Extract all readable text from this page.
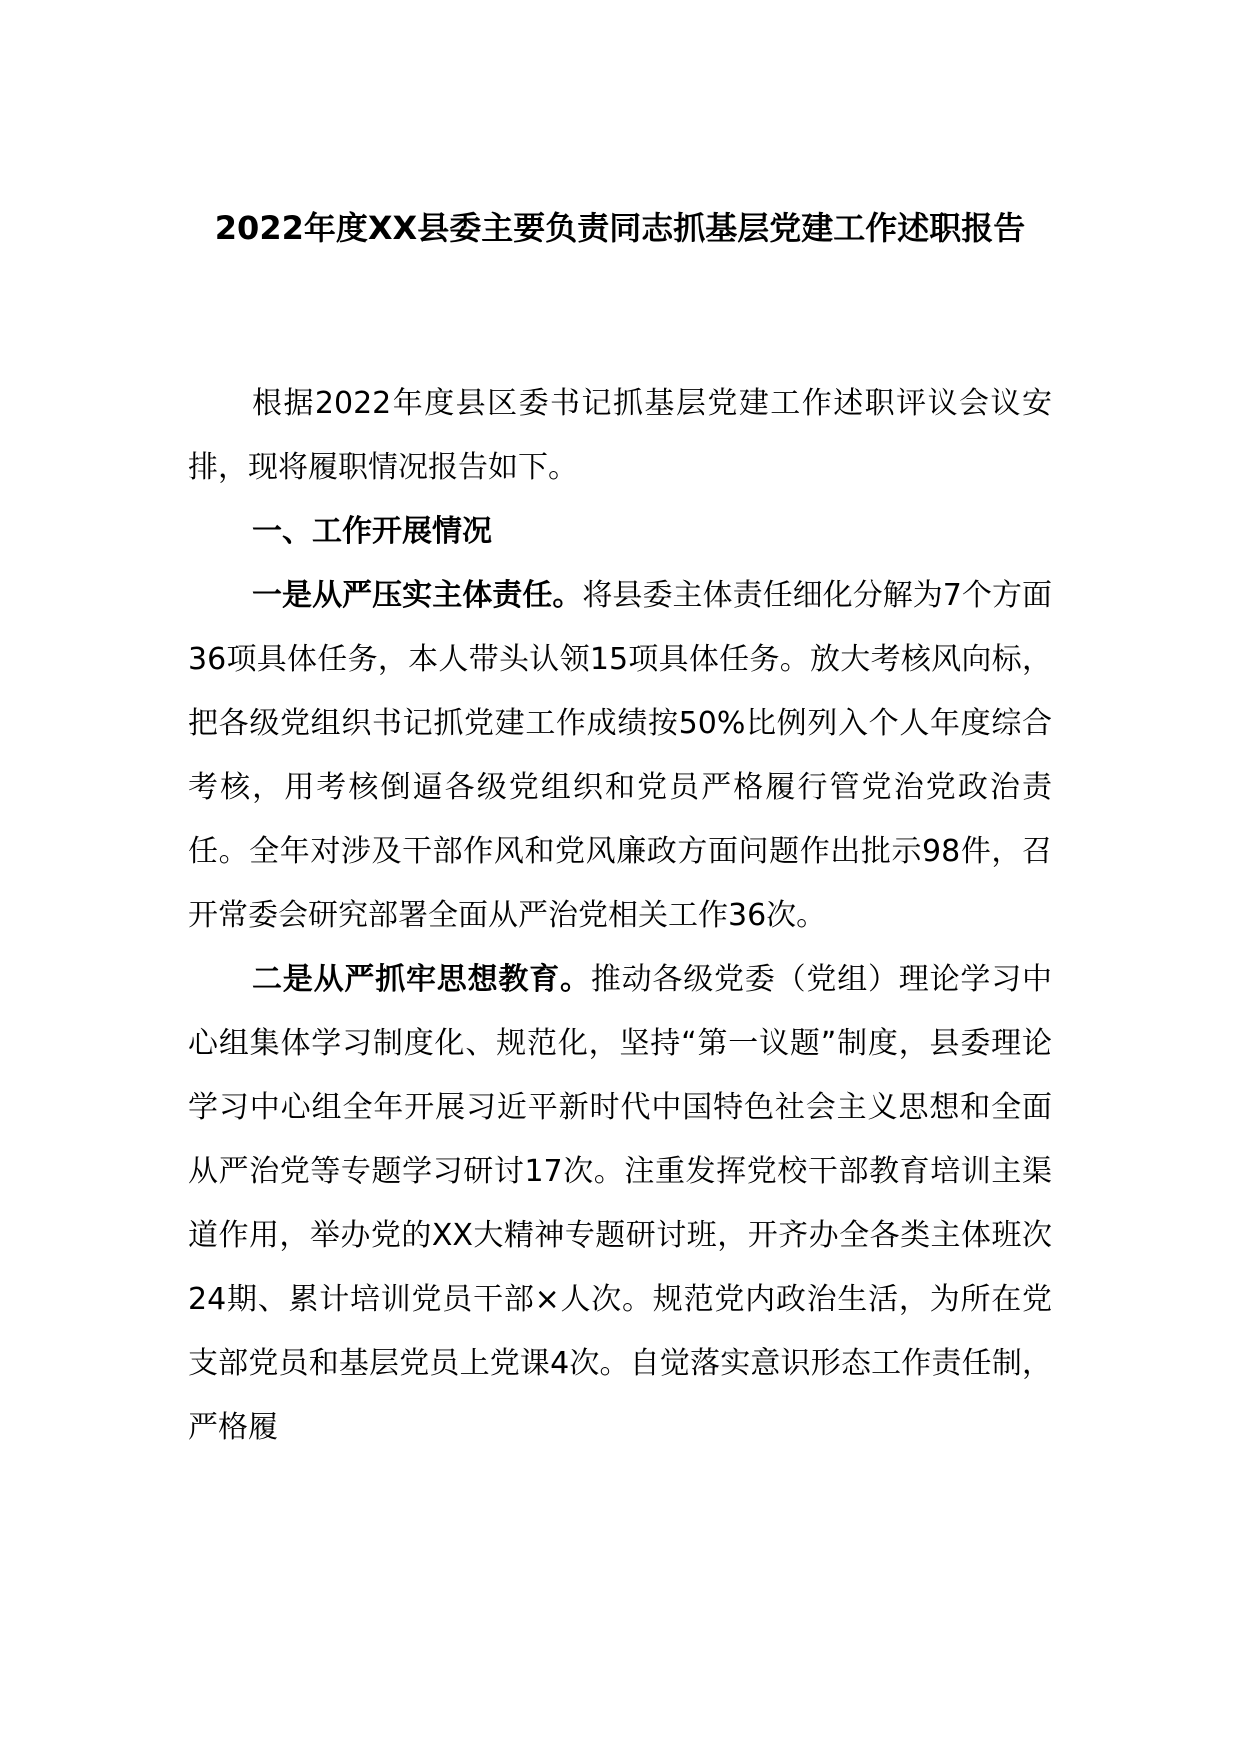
2022年度XX县委主要负责同志抓基层党建工作述职报告

根据2022年度县区委书记抓基层党建工作述职评议会议安排，现将履职情况报告如下。

一、工作开展情况

一是从严压实主体责任。将县委主体责任细化分解为7个方面36项具体任务，本人带头认领15项具体任务。放大考核风向标，把各级党组织书记抓党建工作成绩按50%比例列入个人年度综合考核，用考核倒逼各级党组织和党员严格履行管党治党政治责任。全年对涉及干部作风和党风廉政方面问题作出批示98件，召开常委会研究部署全面从严治党相关工作36次。

二是从严抓牢思想教育。推动各级党委（党组）理论学习中心组集体学习制度化、规范化，坚持“第一议题”制度，县委理论学习中心组全年开展习近平新时代中国特色社会主义思想和全面从严治党等专题学习研讨17次。注重发挥党校干部教育培训主渠道作用，举办党的XX大精神专题研讨班，开齐办全各类主体班次24期、累计培训党员干部×人次。规范党内政治生活，为所在党支部党员和基层党员上党课4次。自觉落实意识形态工作责任制，严格履
